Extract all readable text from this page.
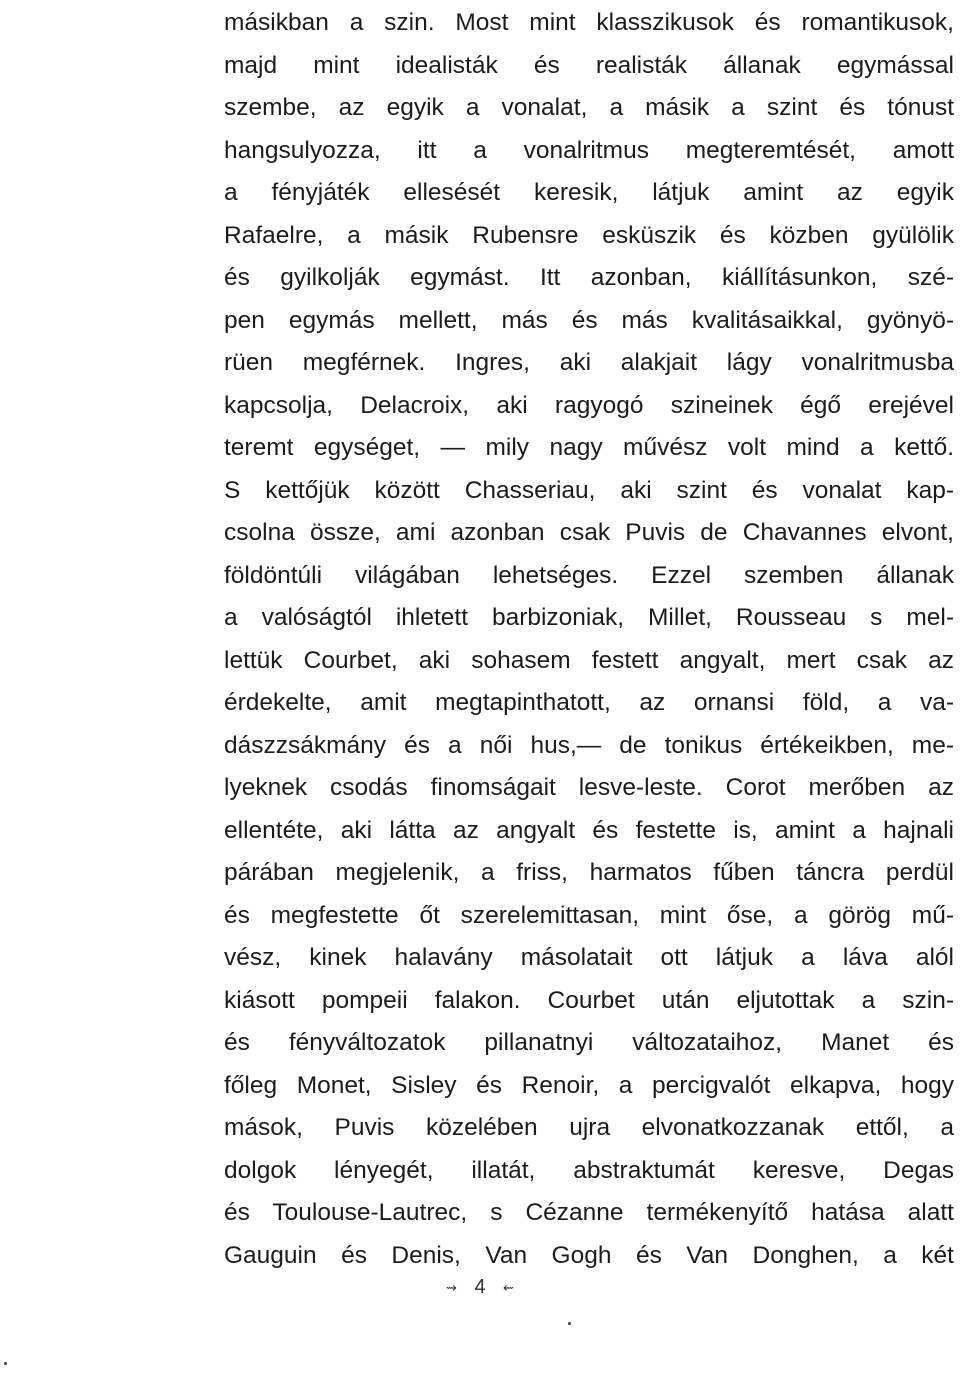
másikban a szin. Most mint klasszikusok és romantikusok,
majd mint idealisták és realisták állanak egymással
szembe, az egyik a vonalat, a másik a szint és tónust
hangsulyozza, itt a vonalritmus megteremtését, amott
a fényjáték ellesését keresik, látjuk amint az egyik
Rafaelre, a másik Rubensre esküszik és közben gyülölik
és gyilkolják egymást. Itt azonban, kiállításunkon, szé-
pen egymás mellett, más és más kvalitásaikkal, gyönyö-
rüen megférnek. Ingres, aki alakjait lágy vonalritmusba
kapcsolja, Delacroix, aki ragyogó szineinek égő erejével
teremt egységet, — mily nagy művész volt mind a kettő.
S kettőjük között Chasseriau, aki szint és vonalat kap-
csolna össze, ami azonban csak Puvis de Chavannes elvont,
földöntúli világában lehetséges. Ezzel szemben állanak
a valóságtól ihletett barbizoniak, Millet, Rousseau s mel-
lettük Courbet, aki sohasem festett angyalt, mert csak az
érdekelte, amit megtapinthatott, az ornansi föld, a va-
dászzsákmány és a női hus,— de tonikus értékeikben, me-
lyeknek csodás finomságait lesve-leste. Corot merőben az
ellentéte, aki látta az angyalt és festette is, amint a hajnali
párában megjelenik, a friss, harmatos fűben táncra perdül
és megfestette őt szerelemittasan, mint őse, a görög mű-
vész, kinek halavány másolatait ott látjuk a láva alól
kiásott pompeii falakon. Courbet után eljutottak a szin-
és fényváltozatok pillanatnyi változataihoz, Manet és
főleg Monet, Sisley és Renoir, a percigvalót elkapva, hogy
mások, Puvis közelében ujra elvonatkozzanak ettől, a
dolgok lényegét, illatát, abstraktumát keresve, Degas
és Toulouse-Lautrec, s Cézanne termékenyítő hatása alatt
Gauguin és Denis, Van Gogh és Van Donghen, a két
⇝ 4 ⇜
